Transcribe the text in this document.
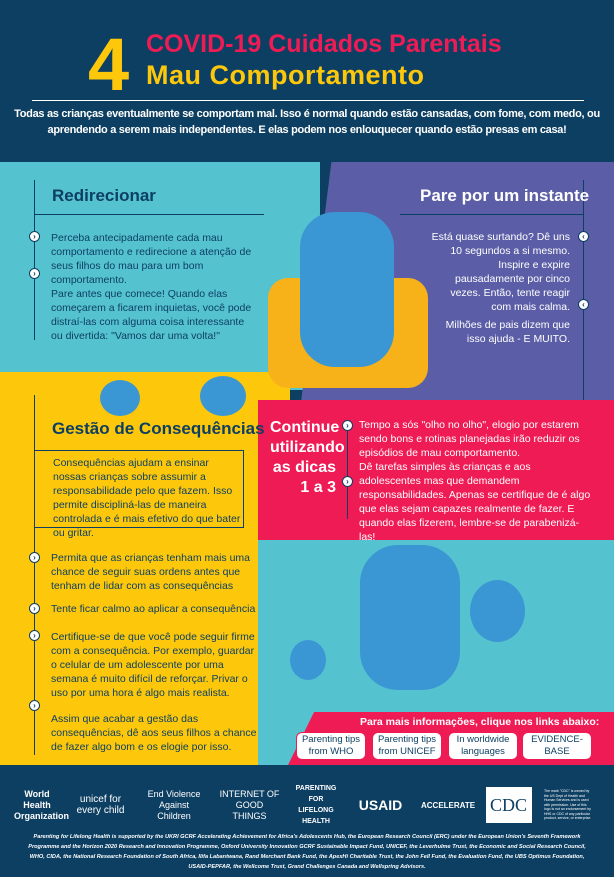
4 COVID-19 Cuidados Parentais
Mau Comportamento
Todas as crianças eventualmente se comportam mal. Isso é normal quando estão cansadas, com fome, com medo, ou aprendendo a serem mais independentes. E elas podem nos enlouquecer quando estão presas em casa!
Redirecionar
›
›
Perceba antecipadamente cada mau comportamento e redirecione a atenção de seus filhos do mau para um bom comportamento.
Pare antes que comece! Quando elas começarem a ficarem inquietas, você pode distraí-las com alguma coisa interessante ou divertida: "Vamos dar uma volta!"
Pare por um instante
‹
‹
Está quase surtando? Dê uns 10 segundos a si mesmo. Inspire e expire pausadamente por cinco vezes. Então, tente reagir com mais calma.
Milhões de pais dizem que isso ajuda - E MUITO.
Gestão de Consequências
Consequências ajudam a ensinar nossas crianças sobre assumir a responsabilidade pelo que fazem. Isso permite discipliná-las de maneira controlada e é mais efetivo do que bater ou gritar.
›
›
›
›
Permita que as crianças tenham mais uma chance de seguir suas ordens antes que tenham de lidar com as consequências
Tente ficar calmo ao aplicar a consequência
Certifique-se de que você pode seguir firme com a consequência. Por exemplo, guardar o celular de um adolescente por uma semana é muito difícil de reforçar. Privar o uso por uma hora é algo mais realista.
Assim que acabar a gestão das consequências, dê aos seus filhos a chance de fazer algo bom e os elogie por isso.
Continue utilizando as dicas 1 a 3
›
›
Tempo a sós "olho no olho", elogio por estarem sendo bons e rotinas planejadas irão reduzir os episódios de mau comportamento.
Dê tarefas simples às crianças e aos adolescentes mas que demandem responsabilidades. Apenas se certifique de é algo que elas sejam capazes realmente de fazer. E quando elas fizerem, lembre-se de parabenizá-las!
Para mais informações, clique nos links abaixo:
Parenting tips from WHO
Parenting tips from UNICEF
In worldwide languages
EVIDENCE-BASE
World Health Organization
unicef for every child
End Violence Against Children
INTERNET OF GOOD THINGS
PARENTING FOR LIFELONG HEALTH
USAID	ACCELERATE CDC
The mark "CDC" is owned by the US Dept of Health and Human Services and is used with permission. Use of this logo is not an endorsement by HHS or CDC of any particular product, service, or enterprise.
Parenting for Lifelong Health is supported by the UKRI GCRF Accelerating Achievement for Africa's Adolescents Hub, the European Research Council (ERC) under the European Union's Seventh Framework Programme and the Horizon 2020 Research and Innovation Programme, Oxford University Innovation GCRF Sustainable Impact Fund, UNICEF, the Leverhulme Trust, the Economic and Social Research Council, WHO, CIDA, the National Research Foundation of South Africa, Ilifa Labantwana, Rand Merchant Bank Fund, the ApexHi Charitable Trust, the John Fell Fund, the Evaluation Fund, the UBS Optimus Foundation, USAID-PEPFAR, the Wellcome Trust, Grand Challenges Canada and Wellspring Advisors.
